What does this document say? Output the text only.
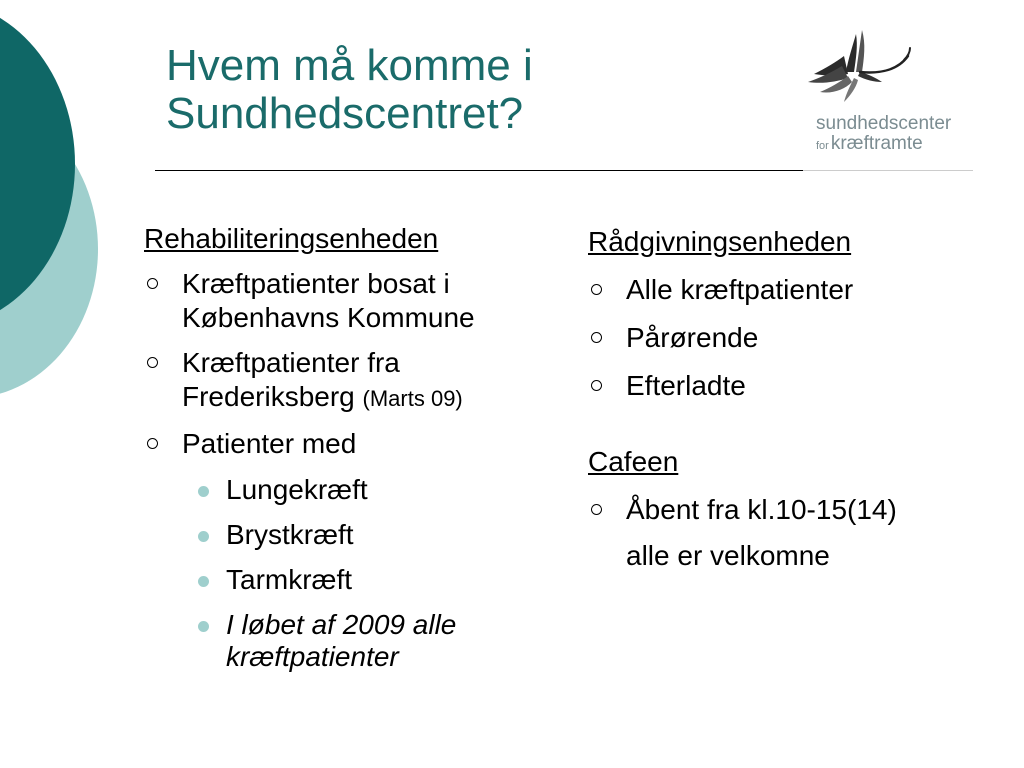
Hvem må komme i
Sundhedscentret?	sundhedscenter
for kræftramte
Rehabiliteringsenheden
Kræftpatienter bosat i Københavns Kommune
Kræftpatienter fra Frederiksberg (Marts 09)
Patienter med
Lungekræft
Brystkræft
Tarmkræft
I løbet af 2009 alle kræftpatienter
Rådgivningsenheden
Alle kræftpatienter
Pårørende
Efterladte
Cafeen
Åbent fra kl.10-15(14)
alle er velkomne
